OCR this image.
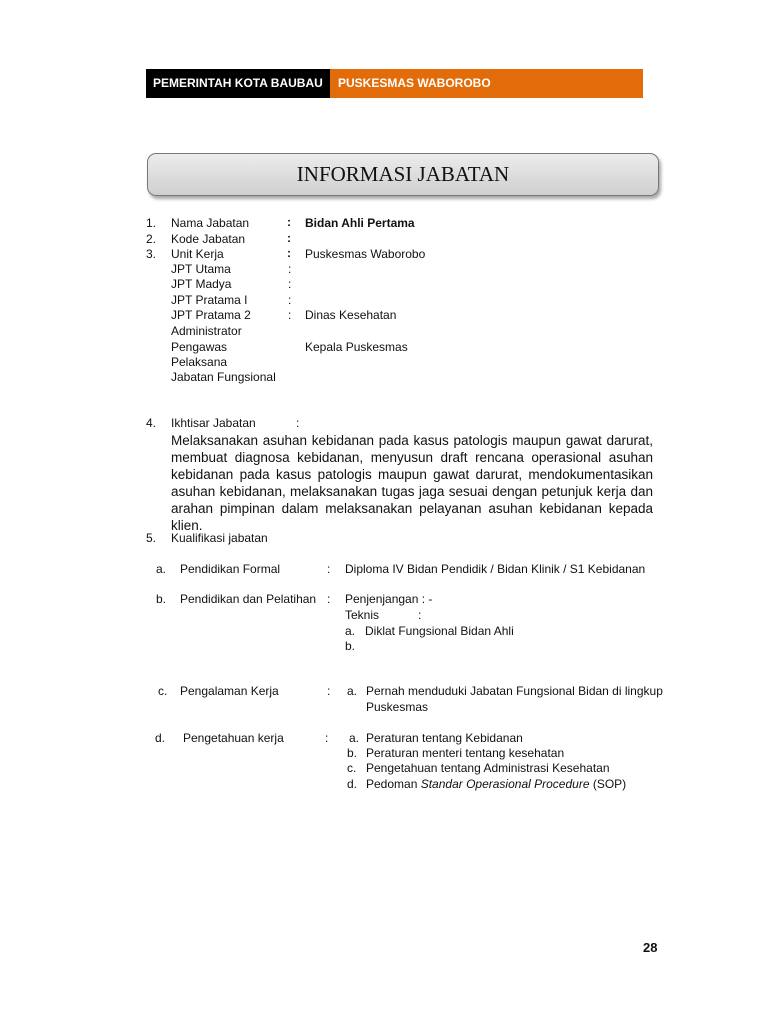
PEMERINTAH KOTA BAUBAU	PUSKESMAS WABOROBO
INFORMASI JABATAN
1. Nama Jabatan	: Bidan Ahli Pertama
2. Kode Jabatan	:
3. Unit Kerja	: Puskesmas Waborobo
JPT Utama	:
JPT Madya	:
JPT Pratama I	:
JPT Pratama 2	: Dinas Kesehatan
Administrator
Pengawas	Kepala Puskesmas
Pelaksana
Jabatan Fungsional
4. Ikhtisar Jabatan	:
Melaksanakan asuhan kebidanan pada kasus patologis maupun gawat darurat, membuat diagnosa kebidanan, menyusun draft rencana operasional asuhan kebidanan pada kasus patologis maupun gawat darurat, mendokumentasikan asuhan kebidanan, melaksanakan tugas jaga sesuai dengan petunjuk kerja dan arahan pimpinan dalam melaksanakan pelayanan asuhan kebidanan kepada klien.
5. Kualifikasi jabatan
a. Pendidikan Formal	: Diploma IV Bidan Pendidik / Bidan Klinik / S1 Kebidanan
b. Pendidikan dan Pelatihan : Penjenjangan : -
Teknis	:
a. Diklat Fungsional Bidan Ahli
b.
c. Pengalaman Kerja	: a. Pernah menduduki Jabatan Fungsional Bidan di lingkup
Puskesmas
d. Pengetahuan kerja	: a. Peraturan tentang Kebidanan
b. Peraturan menteri tentang kesehatan
c. Pengetahuan tentang Administrasi Kesehatan
d. Pedoman Standar Operasional Procedure (SOP)
28
